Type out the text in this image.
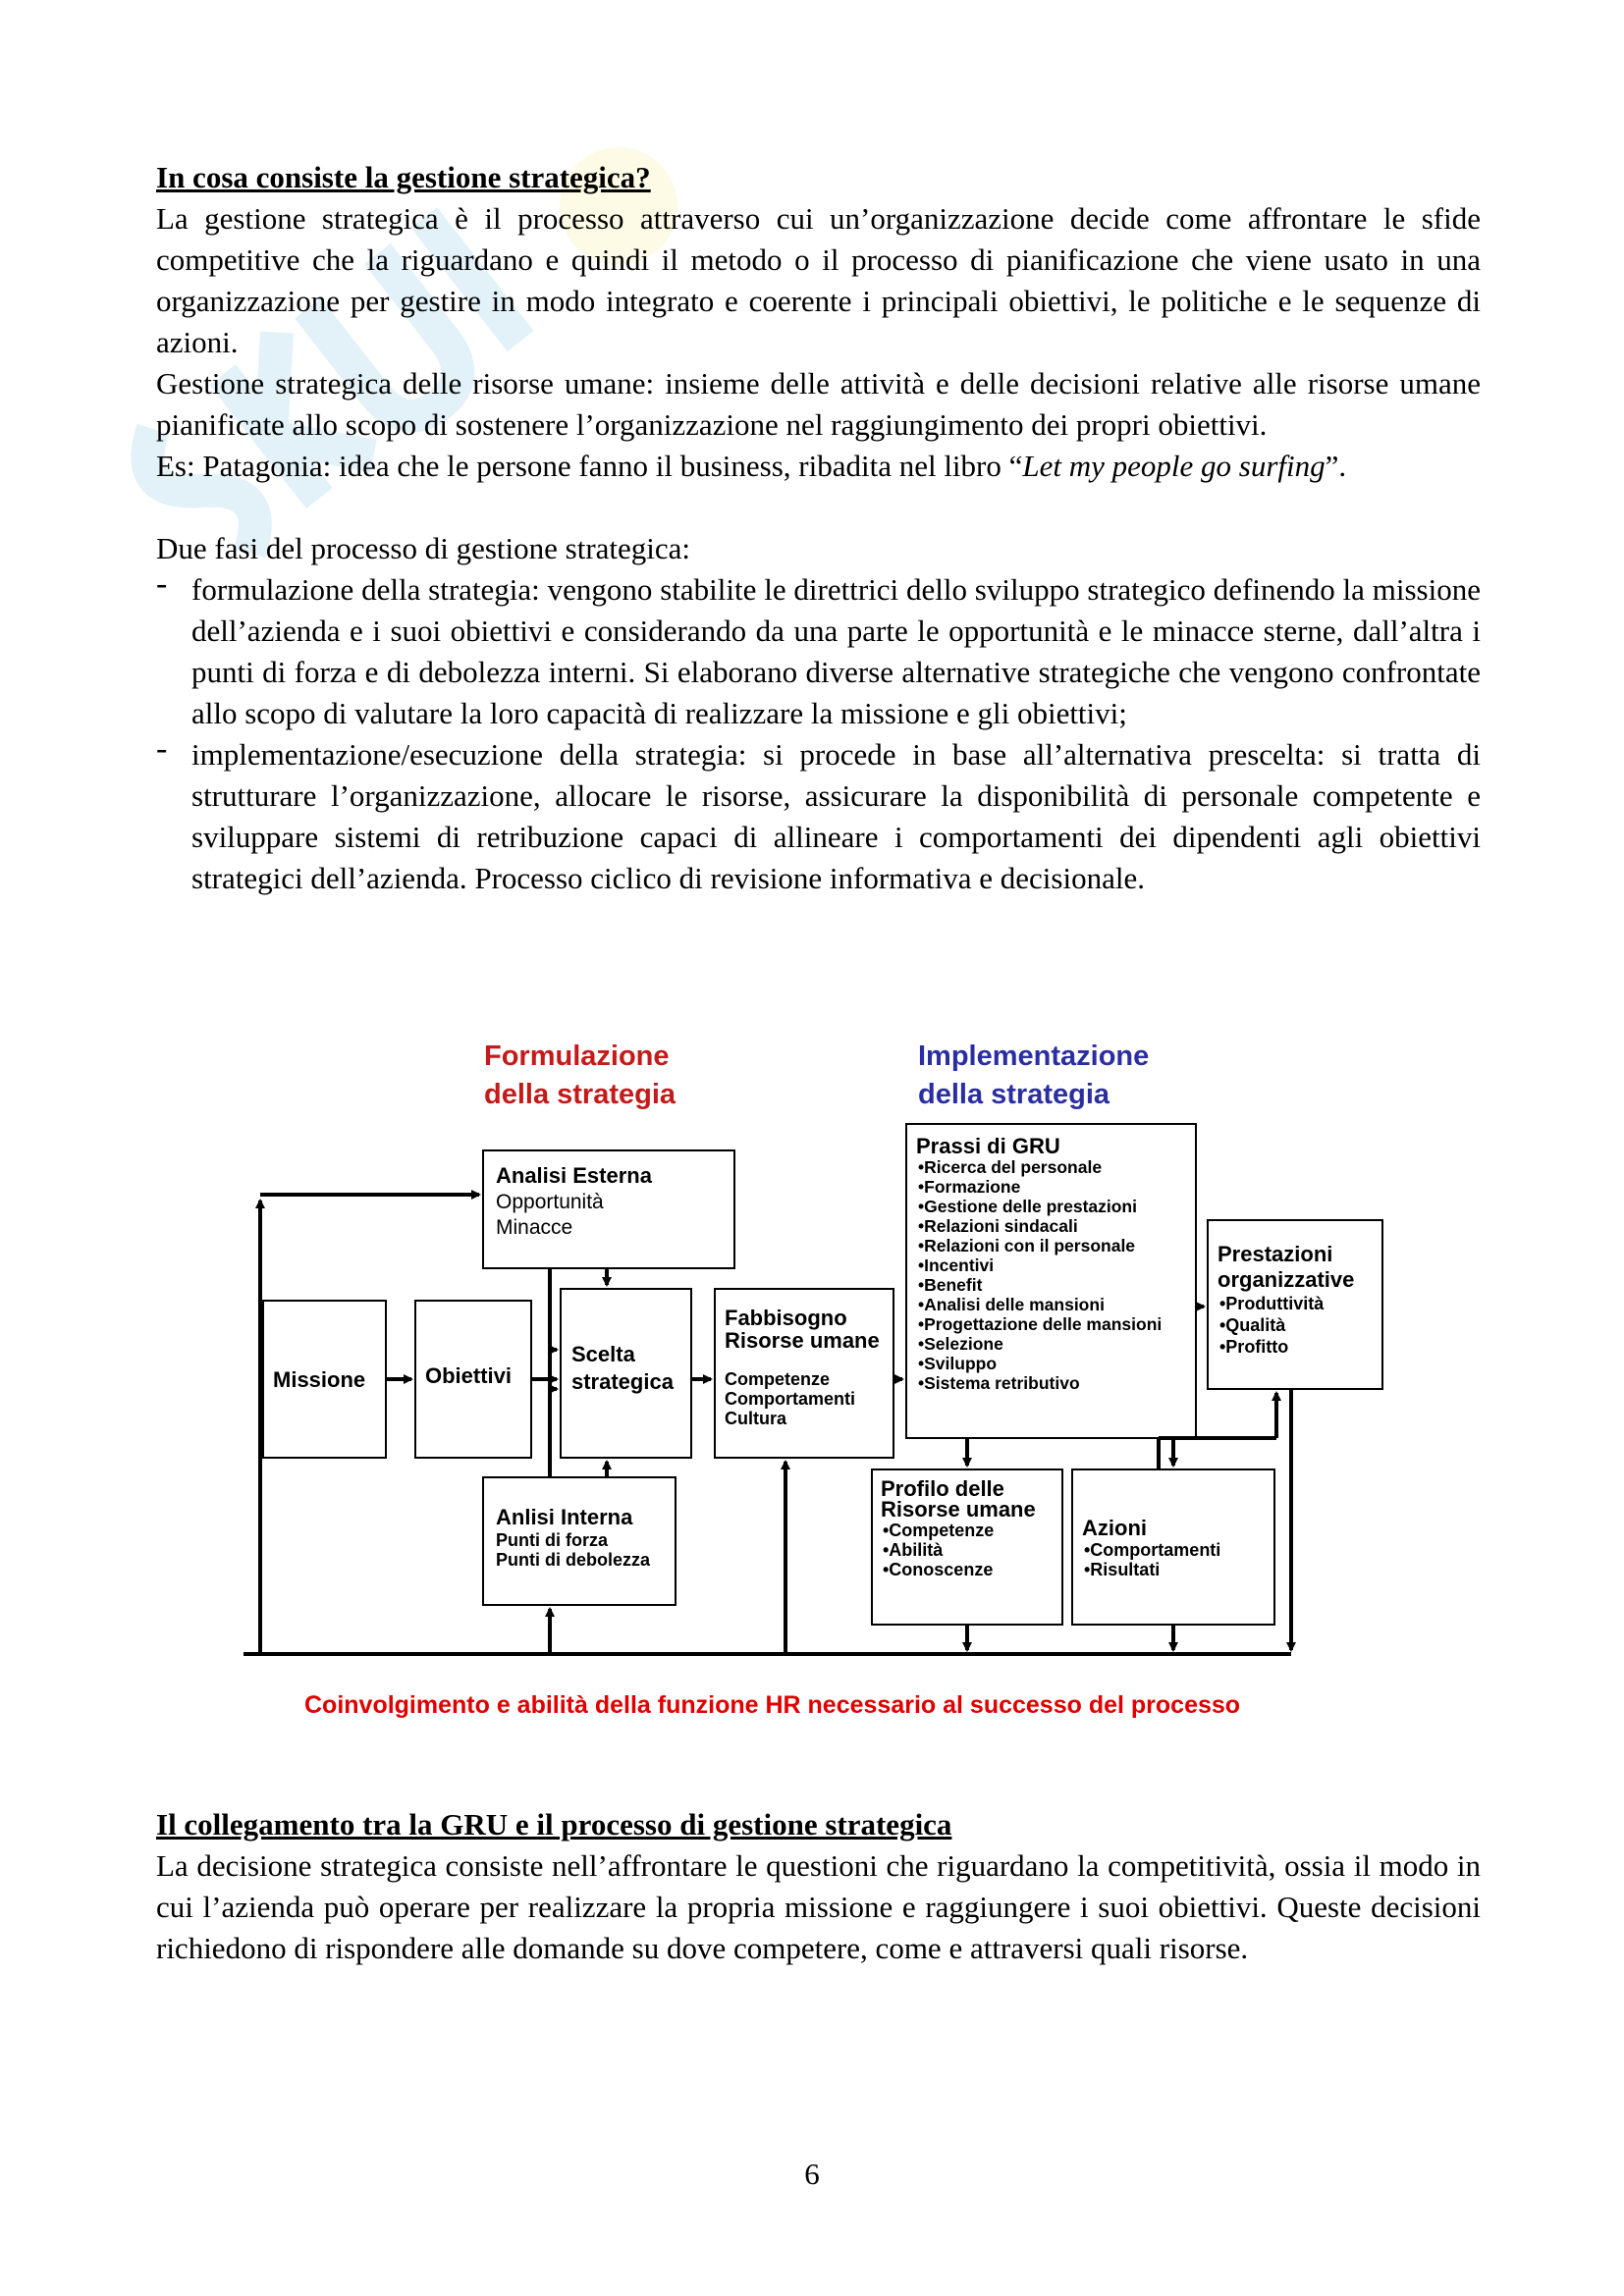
In cosa consiste la gestione strategica?

La gestione strategica è il processo attraverso cui un’organizzazione decide come affrontare le sfide competitive che la riguardano e quindi il metodo o il processo di pianificazione che viene usato in una organizzazione per gestire in modo integrato e coerente i principali obiettivi, le politiche e le sequenze di azioni.

Gestione strategica delle risorse umane: insieme delle attività e delle decisioni relative alle risorse umane pianificate allo scopo di sostenere l’organizzazione nel raggiungimento dei propri obiettivi.

Es: Patagonia: idea che le persone fanno il business, ribadita nel libro “Let my people go surfing”.

Due fasi del processo di gestione strategica:

- formulazione della strategia: vengono stabilite le direttrici dello sviluppo strategico definendo la missione dell’azienda e i suoi obiettivi e considerando da una parte le opportunità e le minacce sterne, dall’altra i punti di forza e di debolezza interni. Si elaborano diverse alternative strategiche che vengono confrontate allo scopo di valutare la loro capacità di realizzare la missione e gli obiettivi;
- implementazione/esecuzione della strategia: si procede in base all’alternativa prescelta: si tratta di strutturare l’organizzazione, allocare le risorse, assicurare la disponibilità di personale competente e sviluppare sistemi di retribuzione capaci di allineare i comportamenti dei dipendenti agli obiettivi strategici dell’azienda. Processo ciclico di revisione informativa e decisionale.
Formulazione
della strategia
Implementazione
della strategia
Analisi Esterna
Opportunità
Minacce
Missione	Obiettivi
Scelta
strategica
Fabbisogno
Risorse umane
Competenze
Comportamenti
Cultura
Prassi di GRU
•Ricerca del personale
•Formazione
•Gestione delle prestazioni
•Relazioni sindacali
•Relazioni con il personale
•Incentivi
•Benefit
•Analisi delle mansioni
•Progettazione delle mansioni
•Selezione
•Sviluppo
•Sistema retributivo
Prestazioni
organizzative
•Produttività
•Qualità
•Profitto
Anlisi Interna
Punti di forza
Punti di debolezza
Profilo delle
Risorse umane
•Competenze
•Abilità
•Conoscenze
Azioni
•Comportamenti
•Risultati
Coinvolgimento e abilità della funzione HR necessario al successo del processo

Il collegamento tra la GRU e il processo di gestione strategica

La decisione strategica consiste nell’affrontare le questioni che riguardano la competitività, ossia il modo in cui l’azienda può operare per realizzare la propria missione e raggiungere i suoi obiettivi. Queste decisioni richiedono di rispondere alle domande su dove competere, come e attraversi quali risorse.

6
